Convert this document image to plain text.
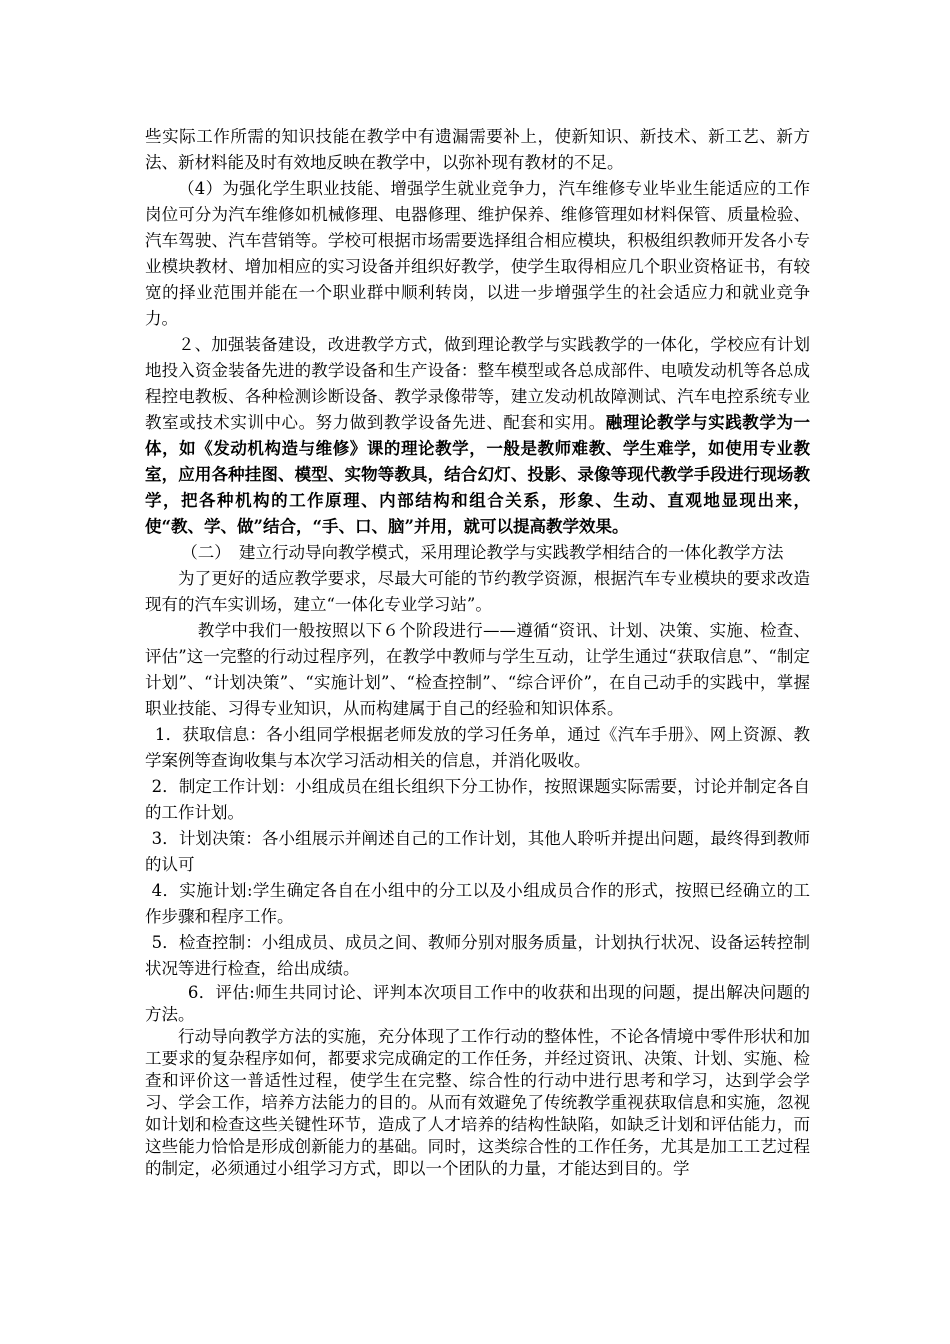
些实际工作所需的知识技能在教学中有遗漏需要补上，使新知识、新技术、新工艺、新方法、新材料能及时有效地反映在教学中，以弥补现有教材的不足。

（4）为强化学生职业技能、增强学生就业竞争力，汽车维修专业毕业生能适应的工作岗位可分为汽车维修如机械修理、电器修理、维护保养、维修管理如材料保管、质量检验、汽车驾驶、汽车营销等。学校可根据市场需要选择组合相应模块，积极组织教师开发各小专业模块教材、增加相应的实习设备并组织好教学，使学生取得相应几个职业资格证书，有较宽的择业范围并能在一个职业群中顺利转岗，以进一步增强学生的社会适应力和就业竞争力。

２、加强装备建设，改进教学方式，做到理论教学与实践教学的一体化，学校应有计划地投入资金装备先进的教学设备和生产设备：整车模型或各总成部件、电喷发动机等各总成程控电教板、各种检测诊断设备、教学录像带等，建立发动机故障测试、汽车电控系统专业教室或技术实训中心。努力做到教学设备先进、配套和实用。融理论教学与实践教学为一体，如《发动机构造与维修》课的理论教学，一般是教师难教、学生难学，如使用专业教室，应用各种挂图、模型、实物等教具，结合幻灯、投影、录像等现代教学手段进行现场教学，把各种机构的工作原理、内部结构和组合关系，形象、生动、直观地显现出来，使“教、学、做”结合，“手、口、脑”并用，就可以提高教学效果。

（二）　建立行动导向教学模式，采用理论教学与实践教学相结合的一体化教学方法

为了更好的适应教学要求，尽最大可能的节约教学资源，根据汽车专业模块的要求改造现有的汽车实训场，建立“一体化专业学习站”。

教学中我们一般按照以下６个阶段进行——遵循“资讯、计划、决策、实施、检查、评估”这一完整的行动过程序列，在教学中教师与学生互动，让学生通过“获取信息”、“制定计划”、“计划决策”、“实施计划”、“检查控制”、“综合评价”，在自己动手的实践中，掌握职业技能、习得专业知识，从而构建属于自己的经验和知识体系。

1．获取信息：各小组同学根据老师发放的学习任务单，通过《汽车手册》、网上资源、教学案例等查询收集与本次学习活动相关的信息，并消化吸收。

2．制定工作计划：小组成员在组长组织下分工协作，按照课题实际需要，讨论并制定各自的工作计划。

3．计划决策：各小组展示并阐述自己的工作计划，其他人聆听并提出问题，最终得到教师的认可

4．实施计划:学生确定各自在小组中的分工以及小组成员合作的形式，按照已经确立的工作步骤和程序工作。

5．检查控制：小组成员、成员之间、教师分别对服务质量，计划执行状况、设备运转控制状况等进行检查，给出成绩。

6．评估:师生共同讨论、评判本次项目工作中的收获和出现的问题，提出解决问题的方法。

行动导向教学方法的实施，充分体现了工作行动的整体性，不论各情境中零件形状和加工要求的复杂程序如何，都要求完成确定的工作任务，并经过资讯、决策、计划、实施、检查和评价这一普适性过程，使学生在完整、综合性的行动中进行思考和学习，达到学会学习、学会工作，培养方法能力的目的。从而有效避免了传统教学重视获取信息和实施，忽视如计划和检查这些关键性环节，造成了人才培养的结构性缺陷，如缺乏计划和评估能力，而这些能力恰恰是形成创新能力的基础。同时，这类综合性的工作任务，尤其是加工工艺过程的制定，必须通过小组学习方式，即以一个团队的力量，才能达到目的。学
